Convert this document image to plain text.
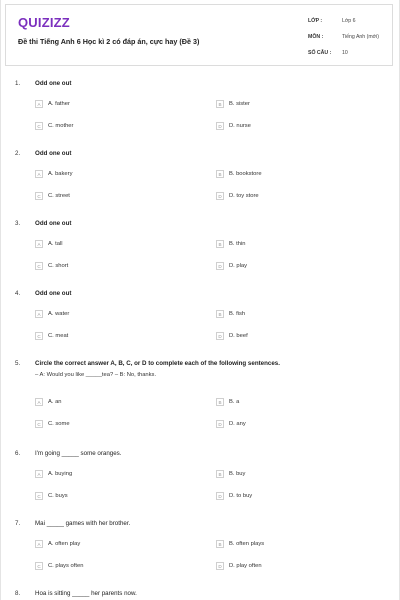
QUIZIZZ
Đề thi Tiếng Anh 6 Học kì 2 có đáp án, cực hay (Đề 3)
LỚP :	Lớp 6
MÔN :	Tiếng Anh (mới)
SỐ CÂU :	10
1. Odd one out
A	A. father	B	B. sister
C	C. mother	D	D. nurse
2. Odd one out
A	A. bakery	B	B. bookstore
C	C. street	D	D. toy store
3. Odd one out
A	A. tall	B	B. thin
C	C. short	D	D. play
4. Odd one out
A	A. water	B	B. fish
C	C. meat	D	D. beef
5. Circle the correct answer A, B, C, or D to complete each of the following sentences.
– A: Would you like _____tea? – B: No, thanks.
A	A. an	B	B. a
C	C. some	D	D. any
6. I'm going _____ some oranges.
A	A. buying	B	B. buy
C	C. buys	D	D. to buy
7. Mai _____ games with her brother.
A	A. often play	B	B. often plays
C	C. plays often	D	D. play often
8. Hoa is sitting _____ her parents now.
